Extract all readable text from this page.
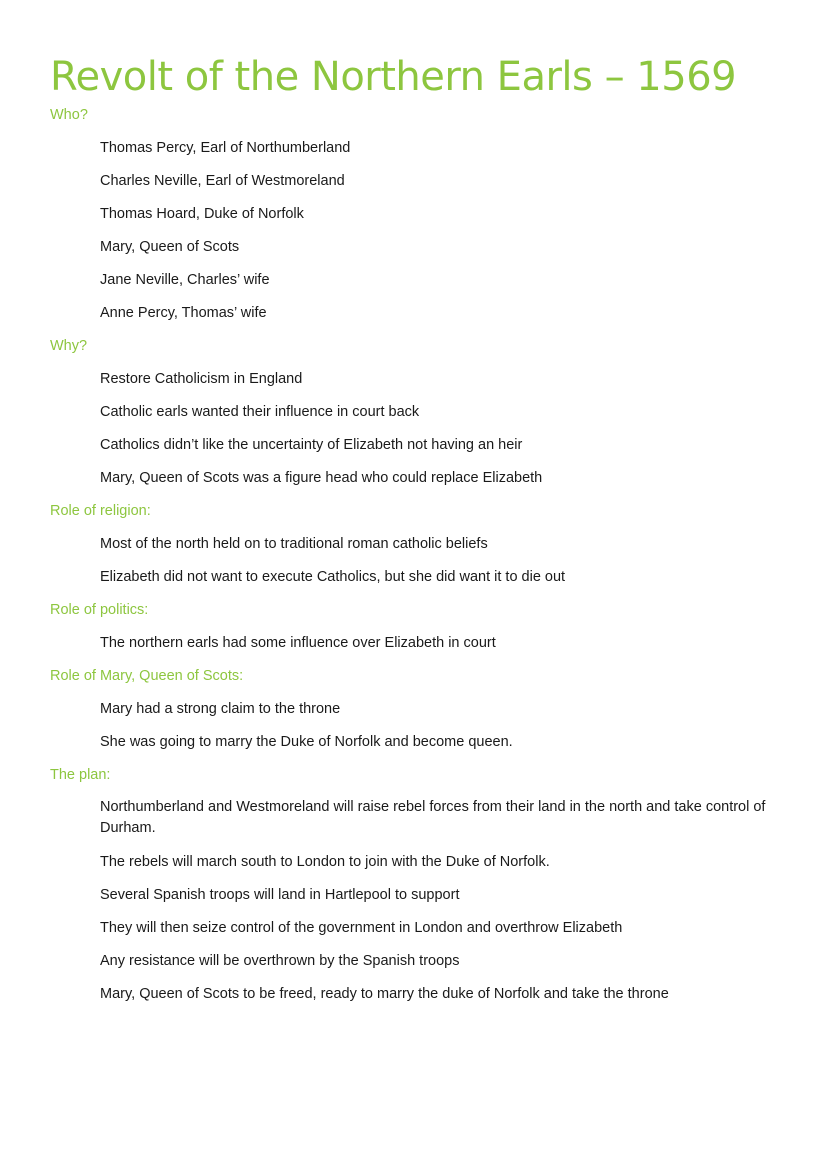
Revolt of the Northern Earls – 1569
Who?
Thomas Percy, Earl of Northumberland
Charles Neville, Earl of Westmoreland
Thomas Hoard, Duke of Norfolk
Mary, Queen of Scots
Jane Neville, Charles’ wife
Anne Percy, Thomas’ wife
Why?
Restore Catholicism in England
Catholic earls wanted their influence in court back
Catholics didn’t like the uncertainty of Elizabeth not having an heir
Mary, Queen of Scots was a figure head who could replace Elizabeth
Role of religion:
Most of the north held on to traditional roman catholic beliefs
Elizabeth did not want to execute Catholics, but she did want it to die out
Role of politics:
The northern earls had some influence over Elizabeth in court
Role of Mary, Queen of Scots:
Mary had a strong claim to the throne
She was going to marry the Duke of Norfolk and become queen.
The plan:
Northumberland and Westmoreland will raise rebel forces from their land in the north and take control of Durham.
The rebels will march south to London to join with the Duke of Norfolk.
Several Spanish troops will land in Hartlepool to support
They will then seize control of the government in London and overthrow Elizabeth
Any resistance will be overthrown by the Spanish troops
Mary, Queen of Scots to be freed, ready to marry the duke of Norfolk and take the throne
